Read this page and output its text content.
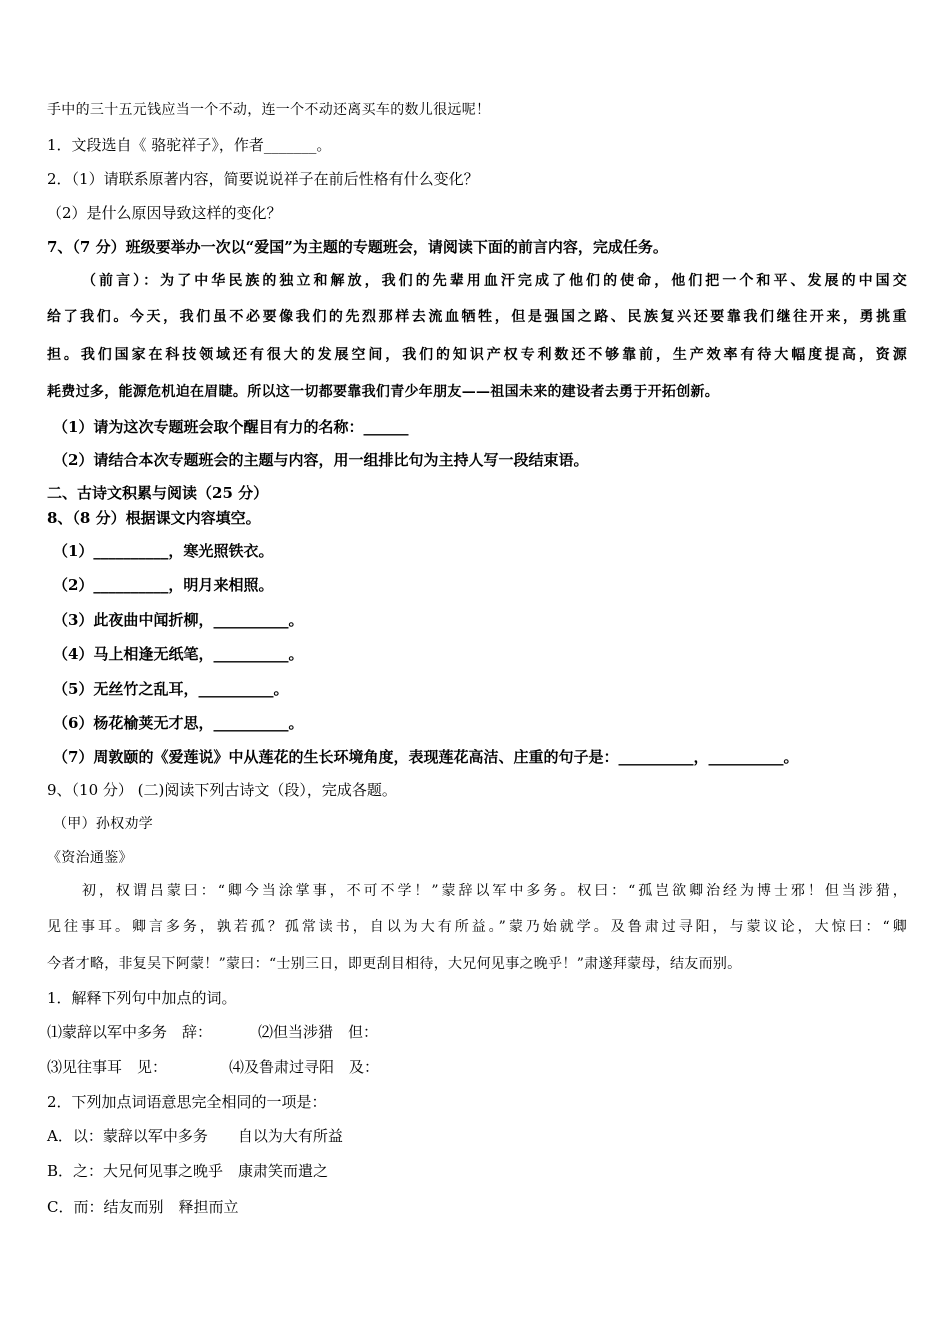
手中的三十五元钱应当一个不动，连一个不动还离买车的数儿很远呢！
1．文段选自《 骆驼祥子》，作者_______。
2．（1）请联系原著内容，简要说说祥子在前后性格有什么变化？
（2）是什么原因导致这样的变化？
7、（7 分）班级要举办一次以“爱国”为主题的专题班会，请阅读下面的前言内容，完成任务。
（前言）：为了中华民族的独立和解放，我们的先辈用血汗完成了他们的使命，他们把一个和平、发展的中国交
给了我们。今天，我们虽不必要像我们的先烈那样去流血牺牲，但是强国之路、民族复兴还要靠我们继往开来，勇挑重
担。我们国家在科技领域还有很大的发展空间，我们的知识产权专利数还不够靠前，生产效率有待大幅度提高，资源
耗费过多，能源危机迫在眉睫。所以这一切都要靠我们青少年朋友——祖国未来的建设者去勇于开拓创新。
（1）请为这次专题班会取个醒目有力的名称：______
（2）请结合本次专题班会的主题与内容，用一组排比句为主持人写一段结束语。
二、古诗文积累与阅读（25 分）
8、（8 分）根据课文内容填空。
（1）__________，寒光照铁衣。
（2）__________，明月来相照。
（3）此夜曲中闻折柳，__________。
（4）马上相逢无纸笔，__________。
（5）无丝竹之乱耳，__________。
（6）杨花榆荚无才思，__________。
（7）周敦颐的《爱莲说》中从莲花的生长环境角度，表现莲花高洁、庄重的句子是：__________，__________。
9、（10 分） (二)阅读下列古诗文（段），完成各题。
（甲）孙权劝学
《资治通鉴》
初，权谓吕蒙曰：“卿今当涂掌事，不可不学！”蒙辞以军中多务。权曰：“孤岂欲卿治经为博士邪！但当涉猎，
见往事耳。卿言多务，孰若孤？孤常读书，自以为大有所益。”蒙乃始就学。及鲁肃过寻阳，与蒙议论，大惊曰：“卿
今者才略，非复吴下阿蒙！”蒙曰：“士别三日，即更刮目相待，大兄何见事之晚乎！”肃遂拜蒙母，结友而别。
1．解释下列句中加点的词。
⑴蒙辞以军中多务　辞：	⑵但当涉猎　但：
⑶见往事耳　见：	⑷及鲁肃过寻阳　及：
2．下列加点词语意思完全相同的一项是：
A．以：蒙辞以军中多务　　自以为大有所益
B．之：大兄何见事之晚乎　康肃笑而遣之
C．而：结友而别　释担而立
